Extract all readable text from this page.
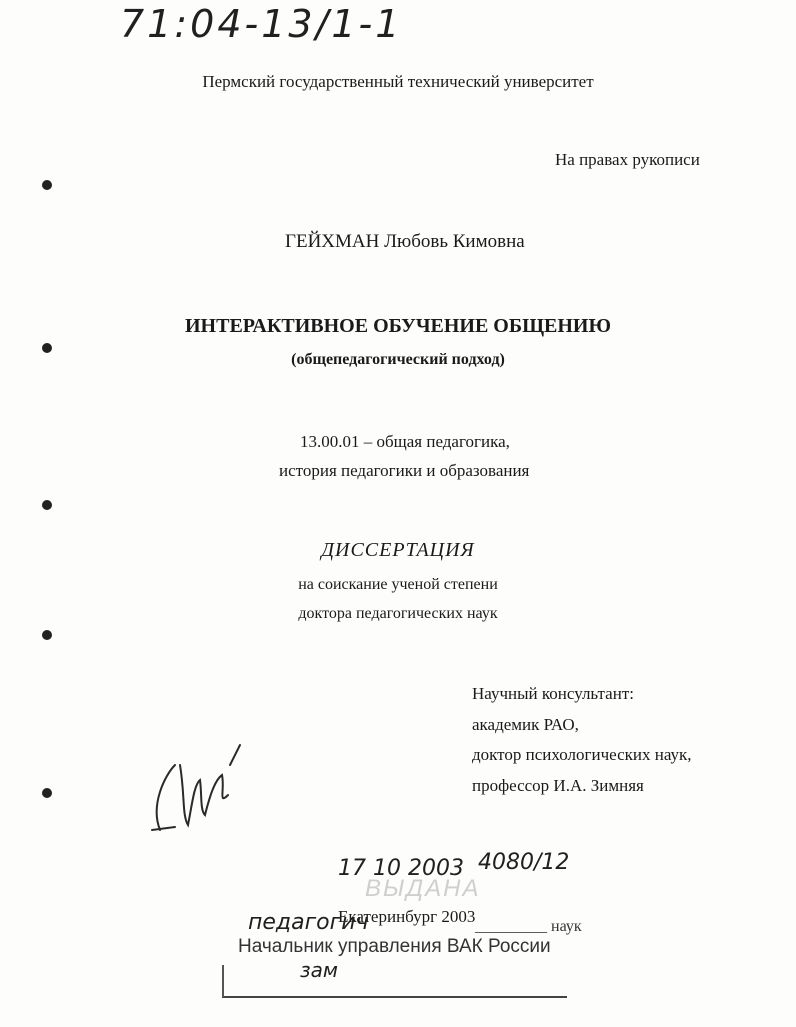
71:04-13/1-1
Пермский государственный технический университет
На правах рукописи
ГЕЙХМАН Любовь Кимовна
ИНТЕРАКТИВНОЕ ОБУЧЕНИЕ ОБЩЕНИЮ
(общепедагогический подход)
13.00.01 – общая педагогика,
история педагогики и образования
ДИССЕРТАЦИЯ
на соискание ученой степени
доктора педагогических наук
Научный консультант:
академик РАО,
доктор психологических наук,
профессор И.А. Зимняя
ВЫДАНА
17 10 2003 4080/12
Екатеринбург 2003
педагогич	_________ наук
Начальник управления ВАК России
зам
